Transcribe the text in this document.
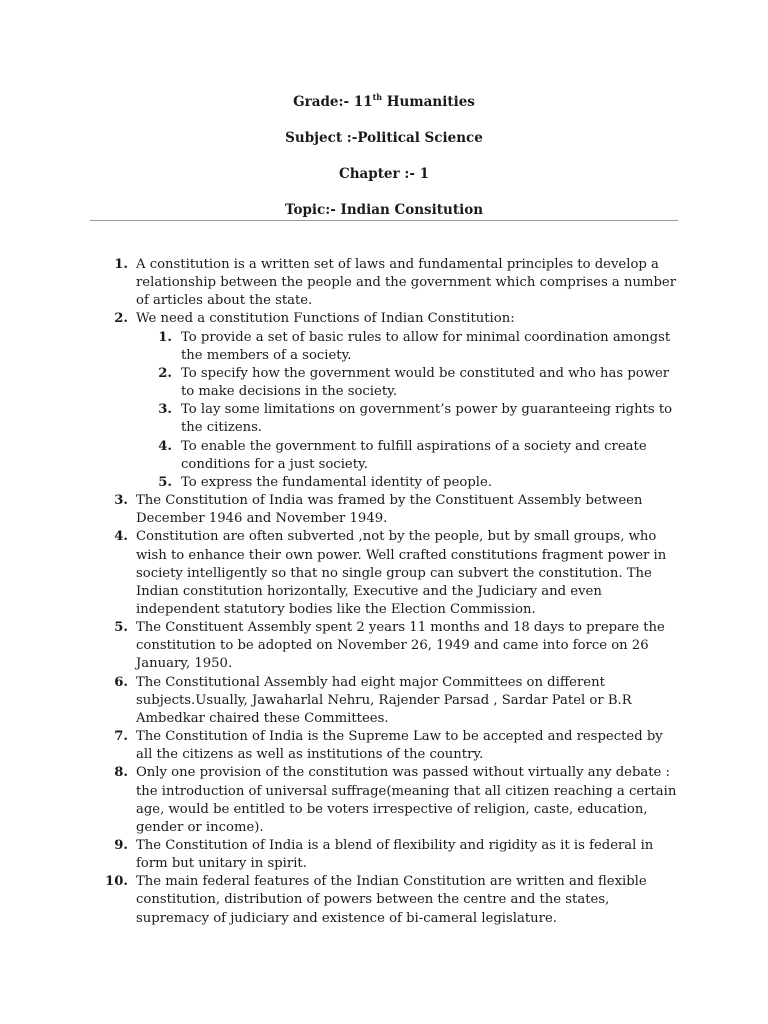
Grade:- 11th Humanities
Subject :-Political Science
Chapter :- 1
Topic:- Indian Consitution
1. A constitution is a written set of laws and fundamental principles to develop a relationship between the people and the government which comprises a number of articles about the state.
2. We need a constitution Functions of Indian Constitution:
1. To provide a set of basic rules to allow for minimal coordination amongst the members of a society.
2. To specify how the government would be constituted and who has power to make decisions in the society.
3. To lay some limitations on government’s power by guaranteeing rights to the citizens.
4. To enable the government to fulfill aspirations of a society and create conditions for a just society.
5. To express the fundamental identity of people.
3. The Constitution of India was framed by the Constituent Assembly between December 1946 and November 1949.
4. Constitution are often subverted ,not by the people, but by small groups, who wish to enhance their own power. Well crafted constitutions fragment power in society intelligently so that no single group can subvert the constitution. The Indian constitution horizontally, Executive and the Judiciary and even independent statutory bodies like the Election Commission.
5. The Constituent Assembly spent 2 years 11 months and 18 days to prepare the constitution to be adopted on November 26, 1949 and came into force on 26 January, 1950.
6. The Constitutional Assembly had eight major Committees on different subjects.Usually, Jawaharlal Nehru, Rajender Parsad , Sardar Patel or B.R Ambedkar chaired these Committees.
7. The Constitution of India is the Supreme Law to be accepted and respected by all the citizens as well as institutions of the country.
8. Only one provision of the constitution was passed without virtually any debate : the introduction of universal suffrage(meaning that all citizen reaching a certain age, would be entitled to be voters irrespective of religion, caste, education, gender or income).
9. The Constitution of India is a blend of flexibility and rigidity as it is federal in form but unitary in spirit.
10. The main federal features of the Indian Constitution are written and flexible constitution, distribution of powers between the centre and the states, supremacy of judiciary and existence of bi-cameral legislature.
